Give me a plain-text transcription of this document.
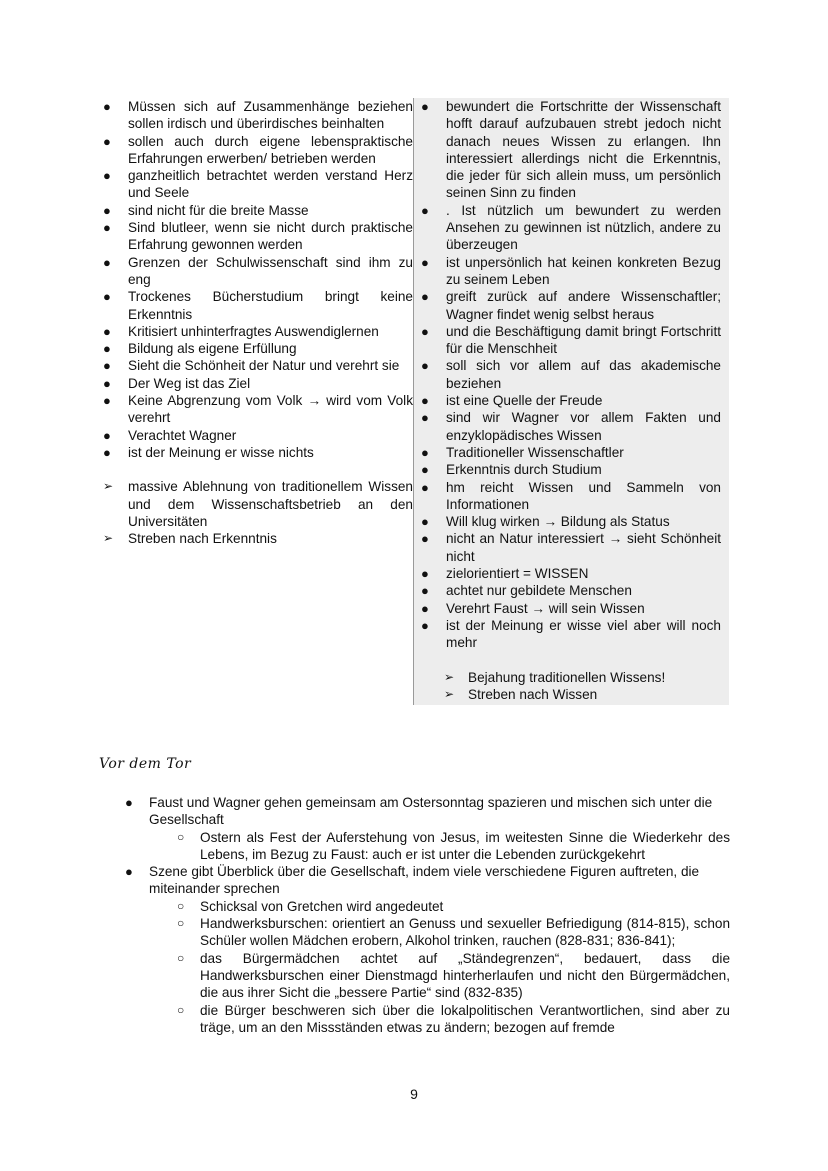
● Müssen sich auf Zusammenhänge beziehen sollen irdisch und überirdisches beinhalten
● sollen auch durch eigene lebenspraktische Erfahrungen erwerben/ betrieben werden
● ganzheitlich betrachtet werden verstand Herz und Seele
● sind nicht für die breite Masse
● Sind blutleer, wenn sie nicht durch praktische Erfahrung gewonnen werden
● Grenzen der Schulwissenschaft sind ihm zu eng
● Trockenes Bücherstudium bringt keine Erkenntnis
● Kritisiert unhinterfragtes Auswendiglernen
● Bildung als eigene Erfüllung
● Sieht die Schönheit der Natur und verehrt sie
● Der Weg ist das Ziel
● Keine Abgrenzung vom Volk → wird vom Volk verehrt
● Verachtet Wagner
● ist der Meinung er wisse nichts
➢ massive Ablehnung von traditionellem Wissen und dem Wissenschaftsbetrieb an den Universitäten
➢ Streben nach Erkenntnis
● bewundert die Fortschritte der Wissenschaft hofft darauf aufzubauen strebt jedoch nicht danach neues Wissen zu erlangen. Ihn interessiert allerdings nicht die Erkenntnis, die jeder für sich allein muss, um persönlich seinen Sinn zu finden
● . Ist nützlich um bewundert zu werden Ansehen zu gewinnen ist nützlich, andere zu überzeugen
● ist unpersönlich hat keinen konkreten Bezug zu seinem Leben
● greift zurück auf andere Wissenschaftler; Wagner findet wenig selbst heraus
● und die Beschäftigung damit bringt Fortschritt für die Menschheit
● soll sich vor allem auf das akademische beziehen
● ist eine Quelle der Freude
● sind wir Wagner vor allem Fakten und enzyklopädisches Wissen
● Traditioneller Wissenschaftler
● Erkenntnis durch Studium
● hm reicht Wissen und Sammeln von Informationen
● Will klug wirken → Bildung als Status
● nicht an Natur interessiert → sieht Schönheit nicht
● zielorientiert = WISSEN
● achtet nur gebildete Menschen
● Verehrt Faust → will sein Wissen
● ist der Meinung er wisse viel aber will noch mehr
➢ Bejahung traditionellen Wissens!
➢ Streben nach Wissen
Vor dem Tor
● Faust und Wagner gehen gemeinsam am Ostersonntag spazieren und mischen sich unter die Gesellschaft
○ Ostern als Fest der Auferstehung von Jesus, im weitesten Sinne die Wiederkehr des Lebens, im Bezug zu Faust: auch er ist unter die Lebenden zurückgekehrt
● Szene gibt Überblick über die Gesellschaft, indem viele verschiedene Figuren auftreten, die miteinander sprechen
○ Schicksal von Gretchen wird angedeutet
○ Handwerksburschen: orientiert an Genuss und sexueller Befriedigung (814-815), schon Schüler wollen Mädchen erobern, Alkohol trinken, rauchen (828-831; 836-841);
○ das Bürgermädchen achtet auf „Ständegrenzen“, bedauert, dass die Handwerksburschen einer Dienstmagd hinterherlaufen und nicht den Bürgermädchen, die aus ihrer Sicht die „bessere Partie“ sind (832-835)
○ die Bürger beschweren sich über die lokalpolitischen Verantwortlichen, sind aber zu träge, um an den Missständen etwas zu ändern; bezogen auf fremde
9
